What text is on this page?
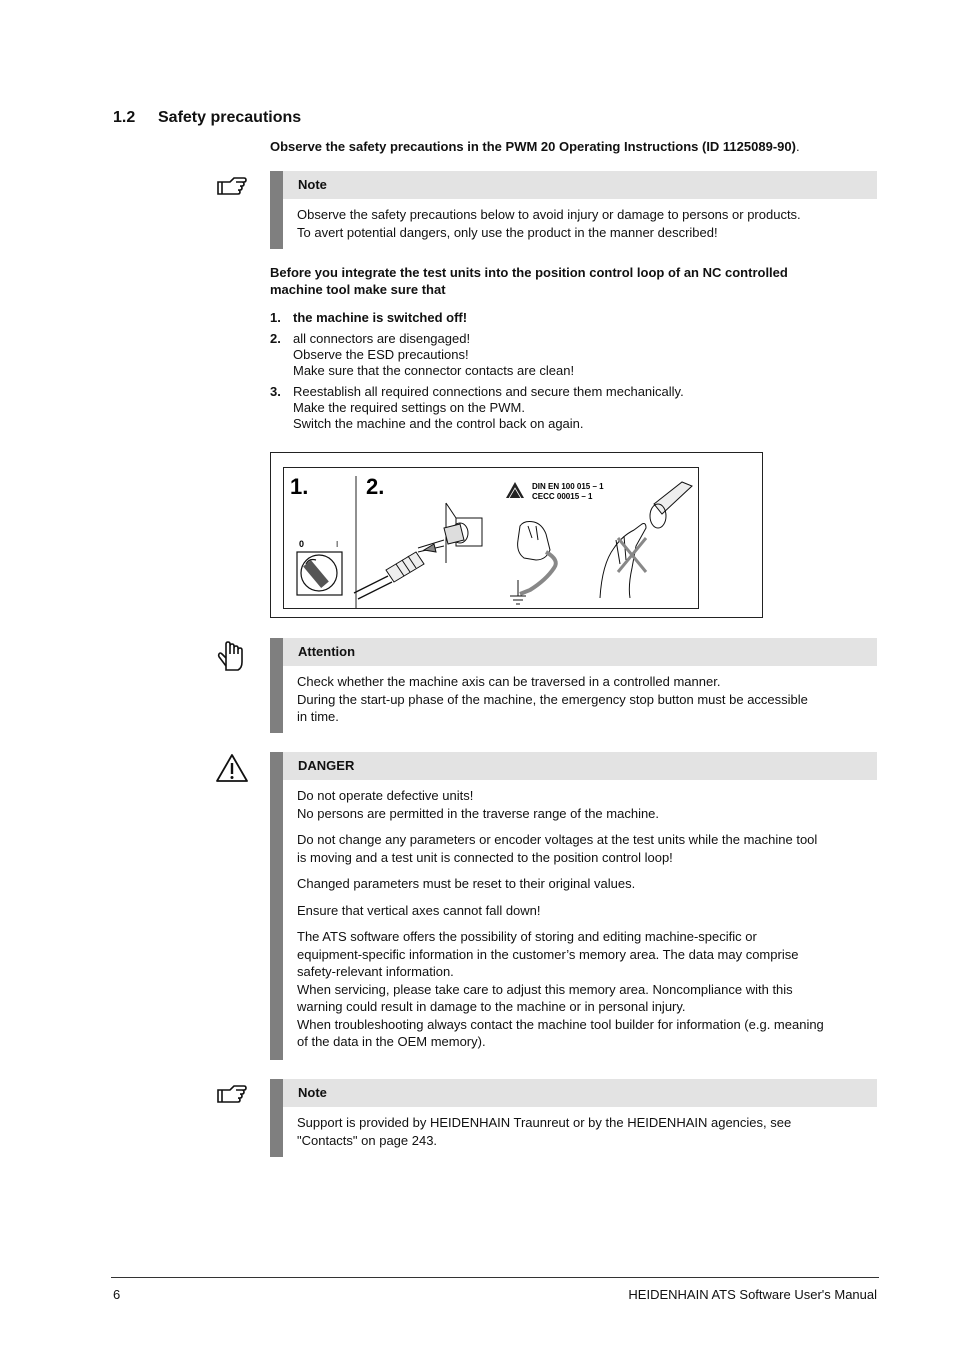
1.2 Safety precautions
Observe the safety precautions in the PWM 20 Operating Instructions (ID 1125089-90).
Note
Observe the safety precautions below to avoid injury or damage to persons or products.
To avert potential dangers, only use the product in the manner described!
Before you integrate the test units into the position control loop of an NC controlled
machine tool make sure that
1. the machine is switched off!
2. all connectors are disengaged!
Observe the ESD precautions!
Make sure that the connector contacts are clean!
3. Reestablish all required connections and secure them mechanically.
Make the required settings on the PWM.
Switch the machine and the control back on again.
1.	2.
0	I
DIN EN 100 015 – 1
CECC 00015 – 1
Attention
Check whether the machine axis can be traversed in a controlled manner.
During the start-up phase of the machine, the emergency stop button must be accessible
in time.
DANGER

Do not operate defective units!
No persons are permitted in the traverse range of the machine.

Do not change any parameters or encoder voltages at the test units while the machine tool
is moving and a test unit is connected to the position control loop!

Changed parameters must be reset to their original values.

Ensure that vertical axes cannot fall down!

The ATS software offers the possibility of storing and editing machine-specific or
equipment-specific information in the customer’s memory area. The data may comprise
safety-relevant information.
When servicing, please take care to adjust this memory area. Noncompliance with this
warning could result in damage to the machine or in personal injury.
When troubleshooting always contact the machine tool builder for information (e.g. meaning
of the data in the OEM memory).

Note
Support is provided by HEIDENHAIN Traunreut or by the HEIDENHAIN agencies, see
"Contacts" on page 243.
6	HEIDENHAIN ATS Software User's Manual
